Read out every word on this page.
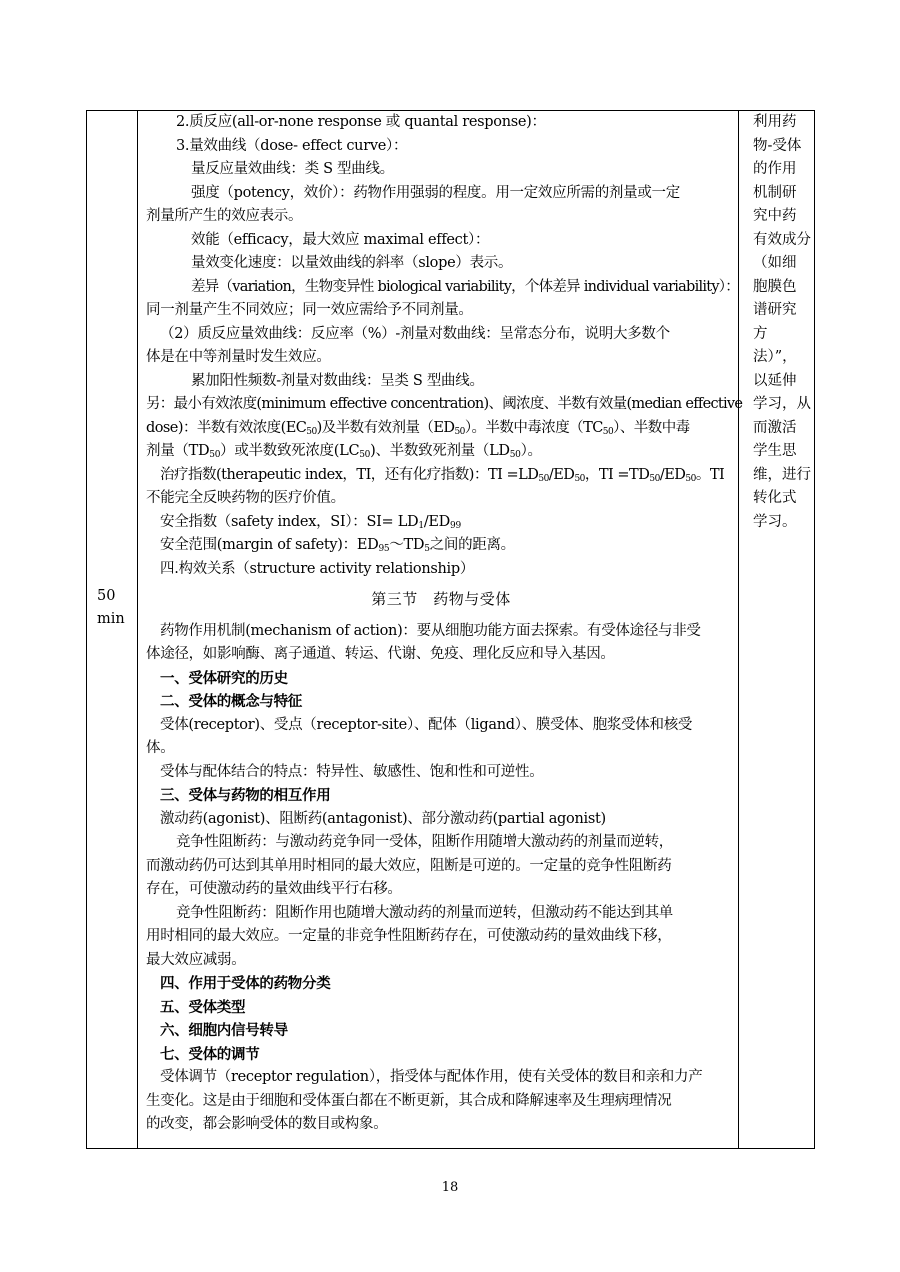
50
min

2.质反应(all-or-none response 或 quantal response)：

3.量效曲线（dose- effect curve）：

量反应量效曲线：类 S 型曲线。

强度（potency，效价）：药物作用强弱的程度。用一定效应所需的剂量或一定

剂量所产生的效应表示。

效能（efficacy，最大效应 maximal effect）：

量效变化速度：以量效曲线的斜率（slope）表示。

差异（variation，生物变异性 biological variability，个体差异 individual variability）：

同一剂量产生不同效应；同一效应需给予不同剂量。

（2）质反应量效曲线：反应率（%）-剂量对数曲线：呈常态分布，说明大多数个

体是在中等剂量时发生效应。

累加阳性频数-剂量对数曲线：呈类 S 型曲线。

另：最小有效浓度(minimum effective concentration)、阈浓度、半数有效量(median effective

dose)：半数有效浓度$(EC_{50})$及半数有效剂量$(ED_{50})$。半数中毒浓度$(TC_{50})$、半数中毒

剂量$(TD_{50})$或半数致死浓度$(LC_{50})$、半数致死剂量$(LD_{50})$。

治疗指数(therapeutic index，TI，还有化疗指数)：TI $=LD_{50}/ED_{50}$，TI $=TD_{50}/ED_{50}$。TI

不能完全反映药物的医疗价值。

安全指数（safety index，SI）：$SI= LD_1/ED_{99}$

安全范围(margin of safety)：$ED_{95}\sim TD_5$之间的距离。

四.构效关系（structure activity relationship）

第三节　药物与受体

药物作用机制(mechanism of action)：要从细胞功能方面去探索。有受体途径与非受

体途径，如影响酶、离子通道、转运、代谢、免疫、理化反应和导入基因。

一、受体研究的历史

二、受体的概念与特征

受体(receptor)、受点（receptor-site）、配体（ligand）、膜受体、胞浆受体和核受

体。

受体与配体结合的特点：特异性、敏感性、饱和性和可逆性。

三、受体与药物的相互作用

激动药(agonist)、阻断药(antagonist)、部分激动药(partial agonist)

竞争性阻断药：与激动药竞争同一受体，阻断作用随增大激动药的剂量而逆转，

而激动药仍可达到其单用时相同的最大效应，阻断是可逆的。一定量的竞争性阻断药

存在，可使激动药的量效曲线平行右移。

竞争性阻断药：阻断作用也随增大激动药的剂量而逆转，但激动药不能达到其单

用时相同的最大效应。一定量的非竞争性阻断药存在，可使激动药的量效曲线下移，

最大效应减弱。

四、作用于受体的药物分类

五、受体类型

六、细胞内信号转导

七、受体的调节

受体调节（receptor regulation），指受体与配体作用，使有关受体的数目和亲和力产

生变化。这是由于细胞和受体蛋白都在不断更新，其合成和降解速率及生理病理情况

的改变，都会影响受体的数目或构象。

利用药
物-受体
的作用
机制研
究中药
有效成分
（如细
胞膜色
谱研究
方
法）”，
以延伸
学习，从
而激活
学生思
维，进行
转化式
学习。
18
